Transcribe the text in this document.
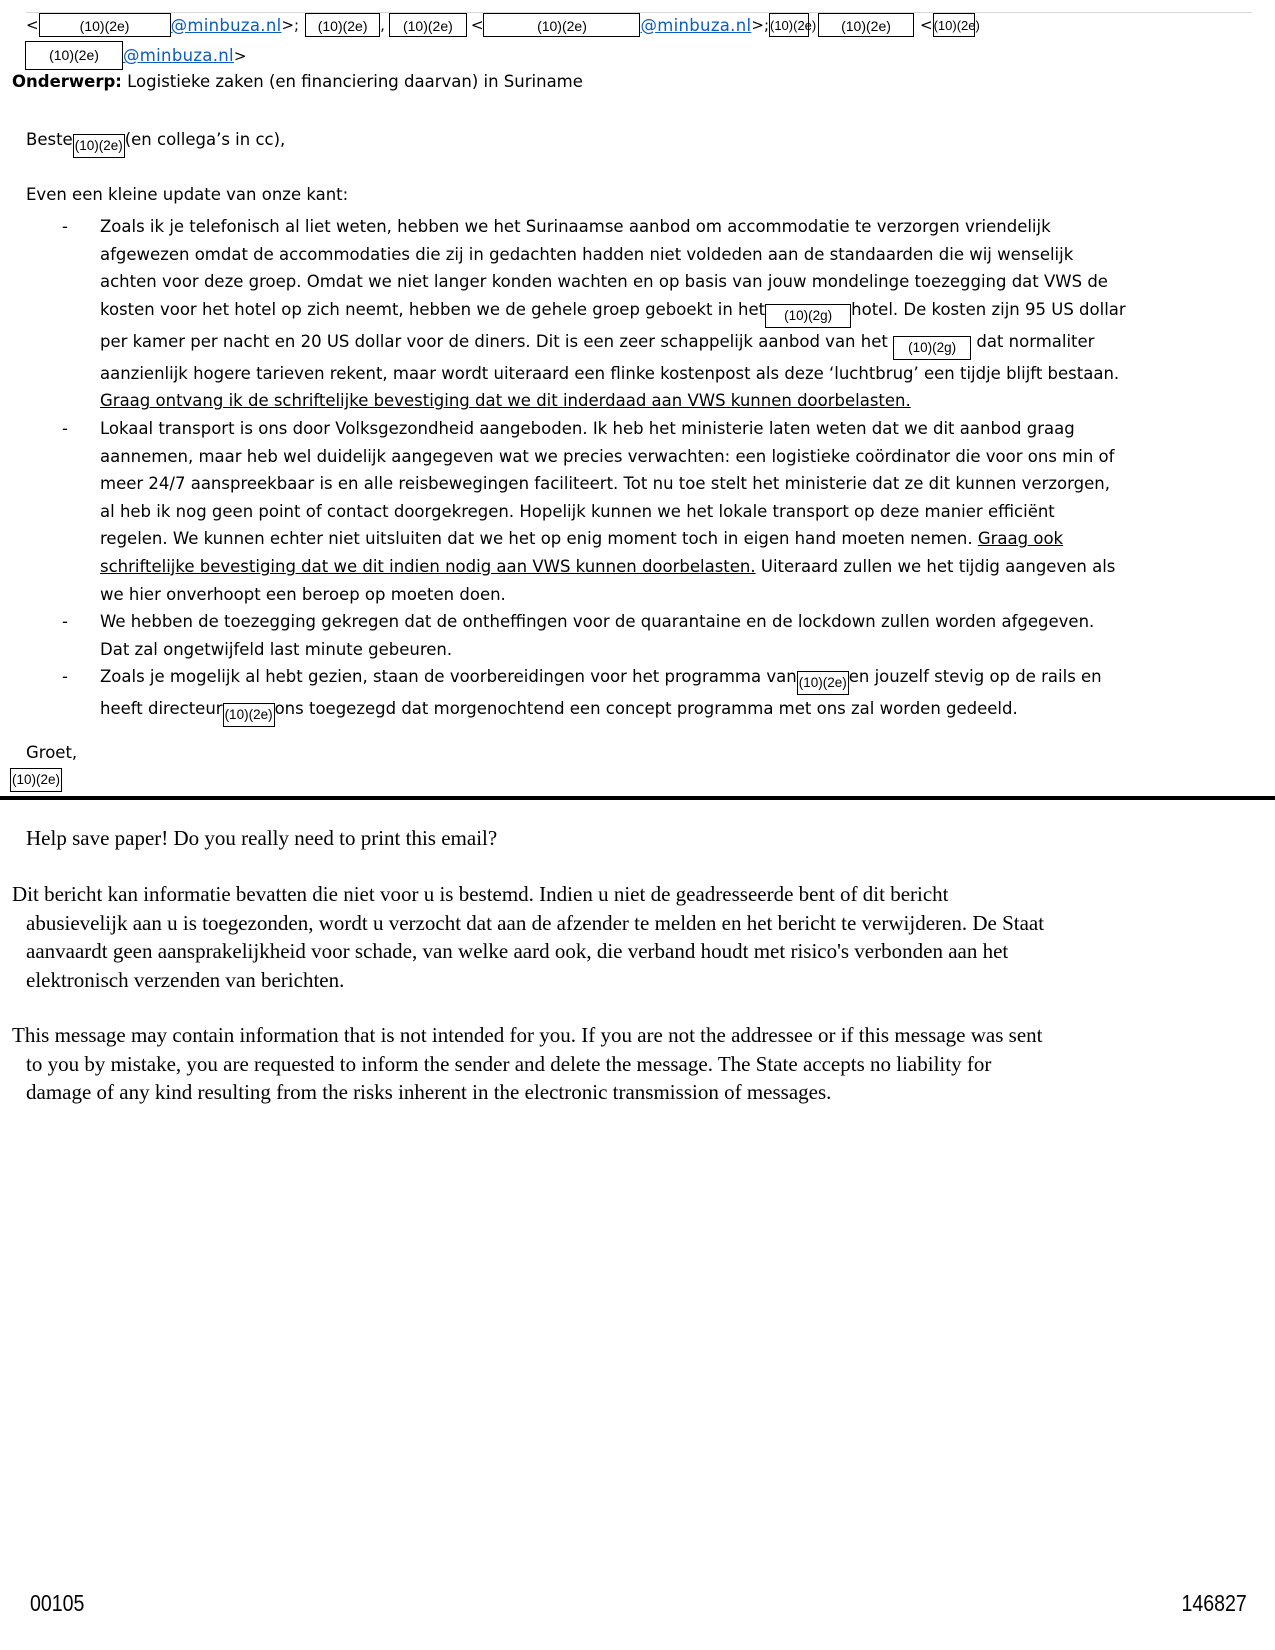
<	(10)(2e)	@minbuza.nl >;	(10)(2e) ,	(10)(2e)	<	(10)(2e)	@minbuza.nl >; (10)(2e)	(10)(2e)	< (10)(2e)
(10)(2e)	@minbuza.nl >
Onderwerp: Logistieke zaken (en financiering daarvan) in Suriname
Beste (10)(2e) (en collega’s in cc),
Even een kleine update van onze kant:
- Zoals ik je telefonisch al liet weten, hebben we het Surinaamse aanbod om accommodatie te verzorgen vriendelijk

afgewezen omdat de accommodaties die zij in gedachten hadden niet voldeden aan de standaarden die wij wenselijk

achten voor deze groep. Omdat we niet langer konden wachten en op basis van jouw mondelinge toezegging dat VWS de

kosten voor het hotel op zich neemt, hebben we de gehele groep geboekt in het (10)(2g) hotel. De kosten zijn 95 US dollar

per kamer per nacht en 20 US dollar voor de diners. Dit is een zeer schappelijk aanbod van het (10)(2g) dat normaliter

aanzienlijk hogere tarieven rekent, maar wordt uiteraard een flinke kostenpost als deze ‘luchtbrug’ een tijdje blijft bestaan.

Graag ontvang ik de schriftelijke bevestiging dat we dit inderdaad aan VWS kunnen doorbelasten.

- Lokaal transport is ons door Volksgezondheid aangeboden. Ik heb het ministerie laten weten dat we dit aanbod graag

aannemen, maar heb wel duidelijk aangegeven wat we precies verwachten: een logistieke coördinator die voor ons min of

meer 24/7 aanspreekbaar is en alle reisbewegingen faciliteert. Tot nu toe stelt het ministerie dat ze dit kunnen verzorgen,

al heb ik nog geen point of contact doorgekregen. Hopelijk kunnen we het lokale transport op deze manier efficiënt

regelen. We kunnen echter niet uitsluiten dat we het op enig moment toch in eigen hand moeten nemen. Graag ook

schriftelijke bevestiging dat we dit indien nodig aan VWS kunnen doorbelasten. Uiteraard zullen we het tijdig aangeven als

we hier onverhoopt een beroep op moeten doen.

- We hebben de toezegging gekregen dat de ontheffingen voor de quarantaine en de lockdown zullen worden afgegeven.

Dat zal ongetwijfeld last minute gebeuren.

- Zoals je mogelijk al hebt gezien, staan de voorbereidingen voor het programma van (10)(2e) en jouzelf stevig op de rails en

heeft directeur (10)(2e) ons toegezegd dat morgenochtend een concept programma met ons zal worden gedeeld.

Groet,
(10)(2e)

Help save paper! Do you really need to print this email?

Dit bericht kan informatie bevatten die niet voor u is bestemd. Indien u niet de geadresseerde bent of dit bericht

abusievelijk aan u is toegezonden, wordt u verzocht dat aan de afzender te melden en het bericht te verwijderen. De Staat

aanvaardt geen aansprakelijkheid voor schade, van welke aard ook, die verband houdt met risico's verbonden aan het

elektronisch verzenden van berichten.

This message may contain information that is not intended for you. If you are not the addressee or if this message was sent

to you by mistake, you are requested to inform the sender and delete the message. The State accepts no liability for

damage of any kind resulting from the risks inherent in the electronic transmission of messages.

00105	146827
